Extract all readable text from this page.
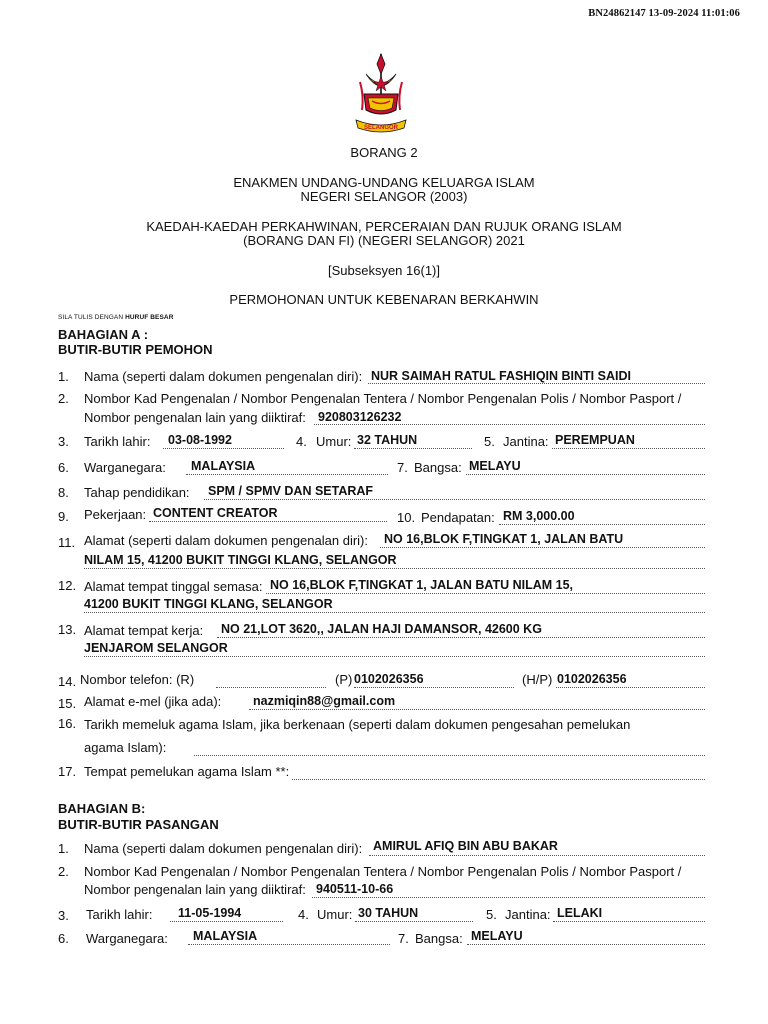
BN24862147 13-09-2024 11:01:06
SELANGOR
BORANG 2
ENAKMEN UNDANG-UNDANG KELUARGA ISLAM
NEGERI SELANGOR (2003)
KAEDAH-KAEDAH PERKAHWINAN, PERCERAIAN DAN RUJUK ORANG ISLAM
(BORANG DAN FI) (NEGERI SELANGOR) 2021
[Subseksyen 16(1)]
PERMOHONAN UNTUK KEBENARAN BERKAHWIN
SILA TULIS DENGAN HURUF BESAR
BAHAGIAN A :
BUTIR-BUTIR PEMOHON
1. Nama (seperti dalam dokumen pengenalan diri): NUR SAIMAH RATUL FASHIQIN BINTI SAIDI
2. Nombor Kad Pengenalan / Nombor Pengenalan Tentera / Nombor Pengenalan Polis / Nombor Pasport /
Nombor pengenalan lain yang diiktiraf: 920803126232
3. Tarikh lahir: 03-08-1992	4. Umur: 32 TAHUN	5. Jantina: PEREMPUAN
6. Warganegara: MALAYSIA	7. Bangsa: MELAYU
8. Tahap pendidikan: SPM / SPMV DAN SETARAF
9. Pekerjaan: CONTENT CREATOR	10. Pendapatan: RM 3,000.00
11. Alamat (seperti dalam dokumen pengenalan diri): NO 16,BLOK F,TINGKAT 1, JALAN BATU
NILAM 15, 41200 BUKIT TINGGI KLANG, SELANGOR
12. Alamat tempat tinggal semasa: NO 16,BLOK F,TINGKAT 1, JALAN BATU NILAM 15,
41200 BUKIT TINGGI KLANG, SELANGOR
13. Alamat tempat kerja: NO 21,LOT 3620,, JALAN HAJI DAMANSOR, 42600 KG
JENJAROM SELANGOR
14. Nombor telefon: (R)	(P) 0102026356	(H/P) 0102026356
15. Alamat e-mel (jika ada):	nazmiqin88@gmail.com
16. Tarikh memeluk agama Islam, jika berkenaan (seperti dalam dokumen pengesahan pemelukan
agama Islam):
17. Tempat pemelukan agama Islam **:
BAHAGIAN B:
BUTIR-BUTIR PASANGAN
1. Nama (seperti dalam dokumen pengenalan diri): AMIRUL AFIQ BIN ABU BAKAR
2. Nombor Kad Pengenalan / Nombor Pengenalan Tentera / Nombor Pengenalan Polis / Nombor Pasport /
Nombor pengenalan lain yang diiktiraf: 940511-10-66
3. Tarikh lahir: 11-05-1994	4. Umur: 30 TAHUN	5. Jantina: LELAKI
6. Warganegara: MALAYSIA	7. Bangsa: MELAYU
